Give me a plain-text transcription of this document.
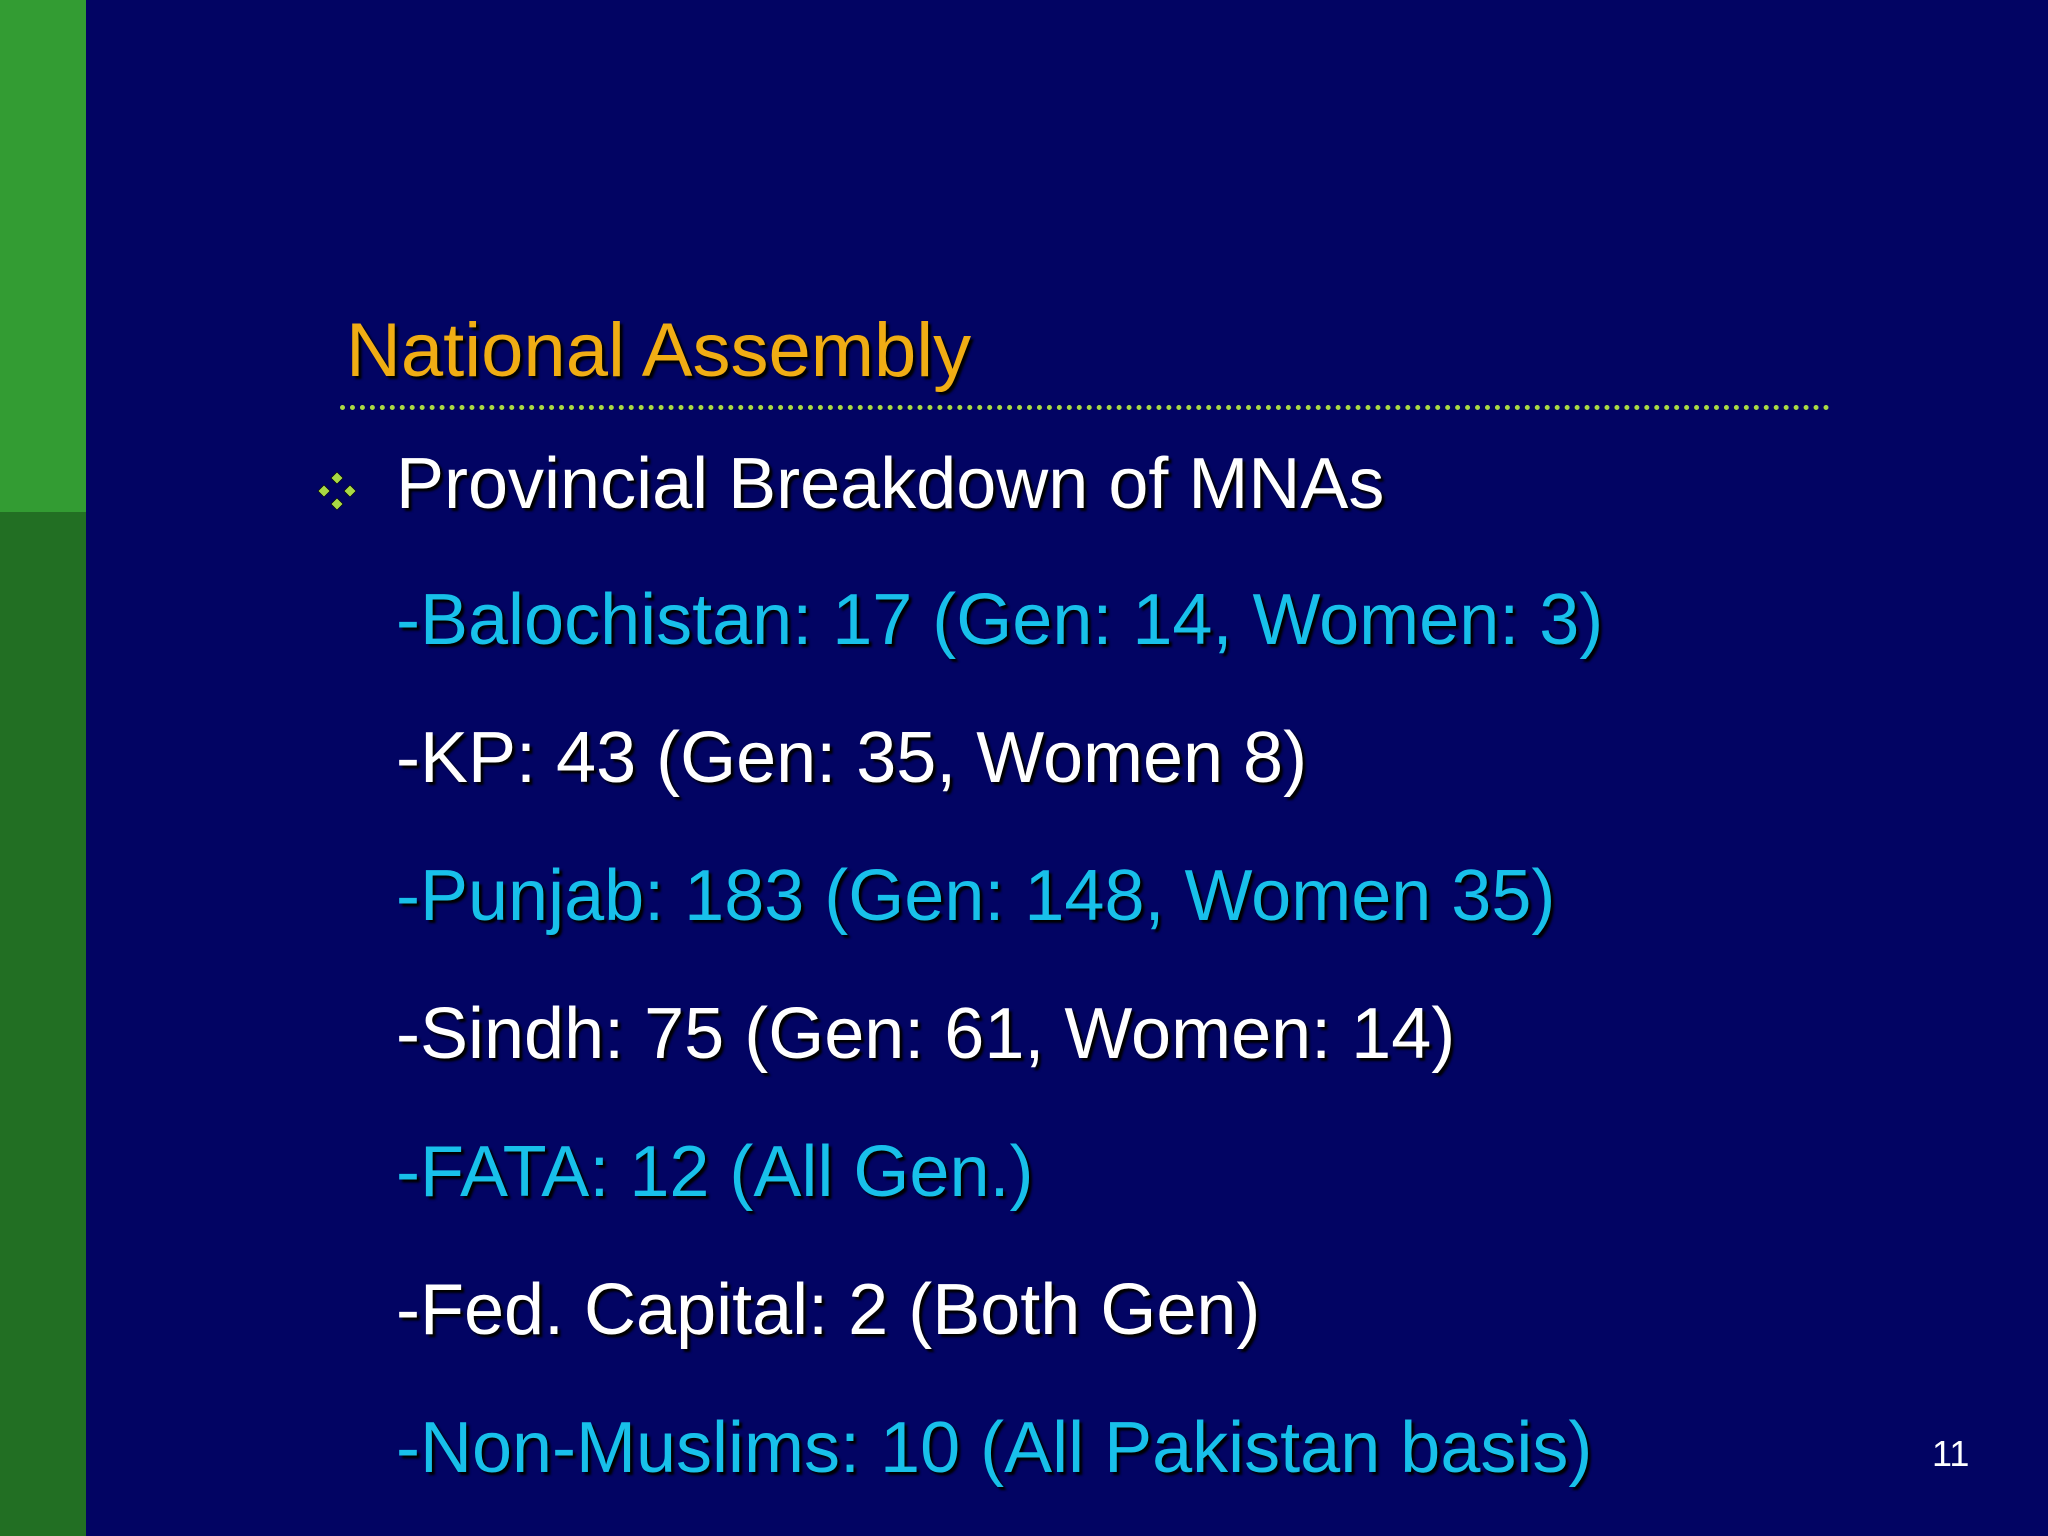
National Assembly
Provincial Breakdown of MNAs
-Balochistan: 17 (Gen: 14, Women: 3)
-KP: 43 (Gen: 35, Women 8)
-Punjab: 183 (Gen: 148, Women 35)
-Sindh: 75 (Gen: 61, Women: 14)
-FATA: 12 (All Gen.)
-Fed. Capital: 2 (Both Gen)
-Non-Muslims: 10 (All Pakistan basis)	11
